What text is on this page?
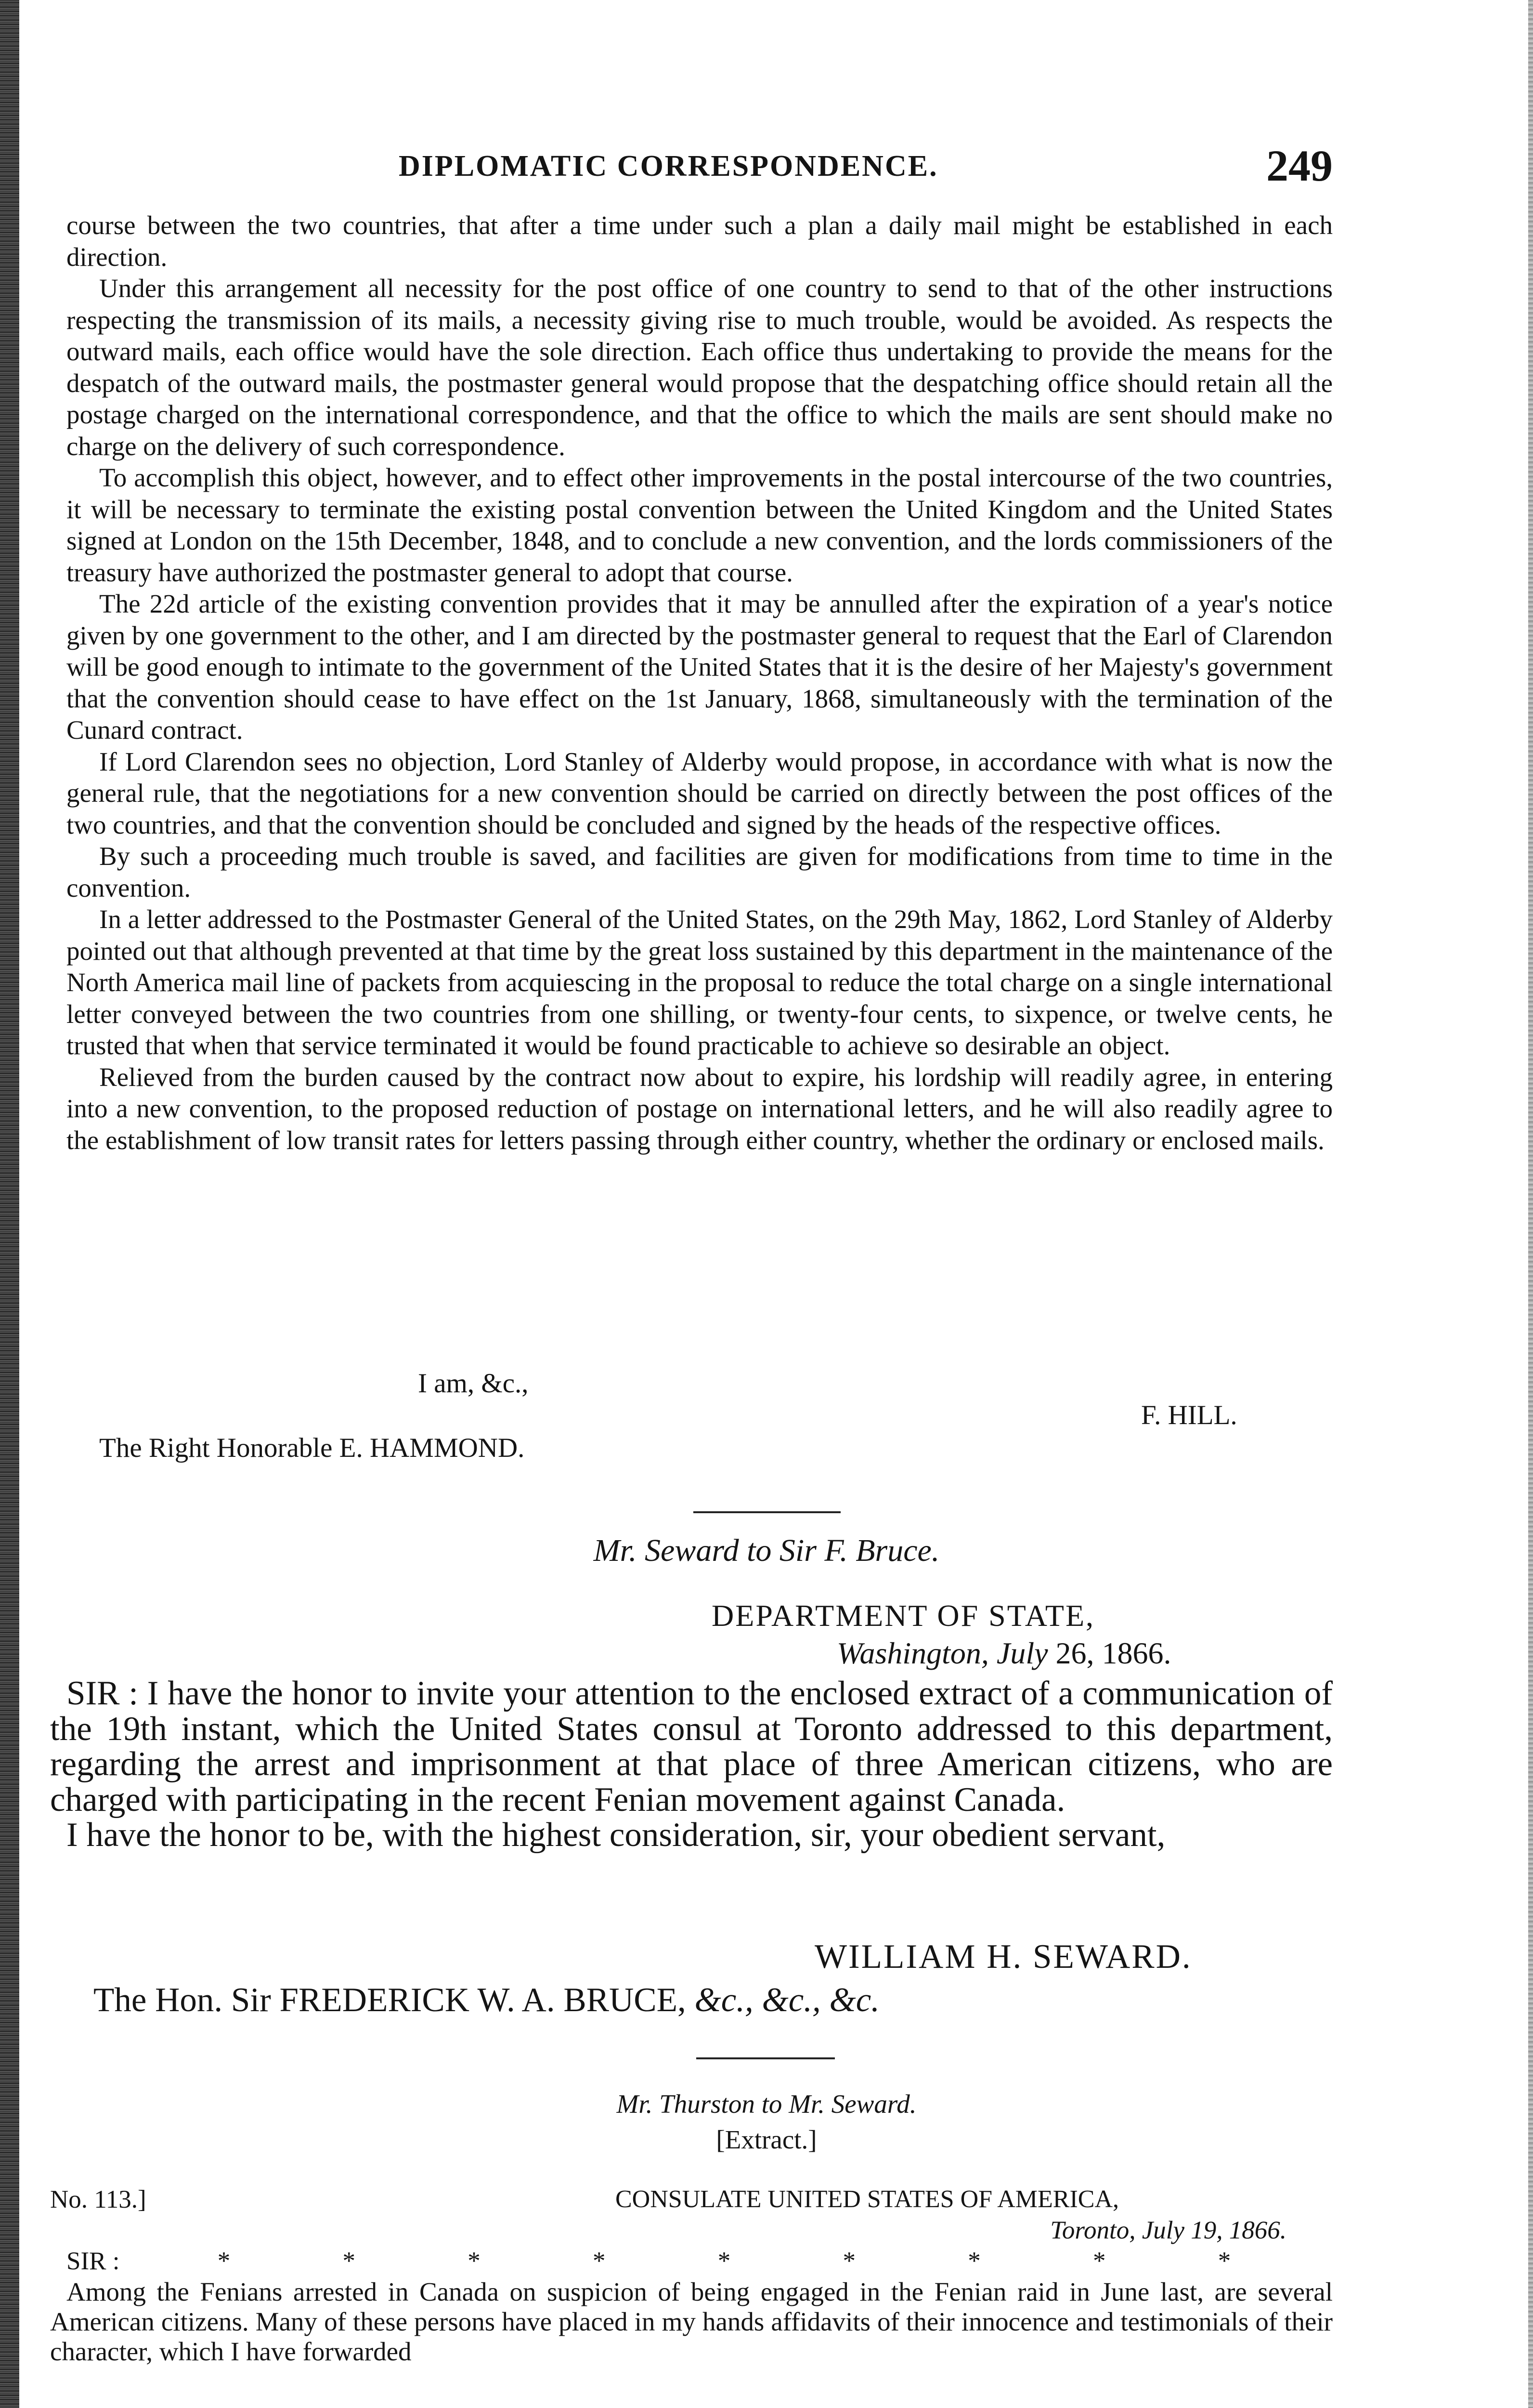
DIPLOMATIC CORRESPONDENCE.	249

course between the two countries, that after a time under such a plan a daily mail might be established in each direction.

Under this arrangement all necessity for the post office of one country to send to that of the other instructions respecting the transmission of its mails, a necessity giving rise to much trouble, would be avoided. As respects the outward mails, each office would have the sole direction. Each office thus undertaking to provide the means for the despatch of the outward mails, the postmaster general would propose that the despatching office should retain all the postage charged on the international correspondence, and that the office to which the mails are sent should make no charge on the delivery of such correspondence.

To accomplish this object, however, and to effect other improvements in the postal intercourse of the two countries, it will be necessary to terminate the existing postal convention between the United Kingdom and the United States signed at London on the 15th December, 1848, and to conclude a new convention, and the lords commissioners of the treasury have authorized the postmaster general to adopt that course.

The 22d article of the existing convention provides that it may be annulled after the expiration of a year's notice given by one government to the other, and I am directed by the postmaster general to request that the Earl of Clarendon will be good enough to intimate to the government of the United States that it is the desire of her Majesty's government that the convention should cease to have effect on the 1st January, 1868, simultaneously with the termination of the Cunard contract.

If Lord Clarendon sees no objection, Lord Stanley of Alderby would propose, in accordance with what is now the general rule, that the negotiations for a new convention should be carried on directly between the post offices of the two countries, and that the convention should be concluded and signed by the heads of the respective offices.

By such a proceeding much trouble is saved, and facilities are given for modifications from time to time in the convention.

In a letter addressed to the Postmaster General of the United States, on the 29th May, 1862, Lord Stanley of Alderby pointed out that although prevented at that time by the great loss sustained by this department in the maintenance of the North America mail line of packets from acquiescing in the proposal to reduce the total charge on a single international letter conveyed between the two countries from one shilling, or twenty-four cents, to sixpence, or twelve cents, he trusted that when that service terminated it would be found practicable to achieve so desirable an object.

Relieved from the burden caused by the contract now about to expire, his lordship will readily agree, in entering into a new convention, to the proposed reduction of postage on international letters, and he will also readily agree to the establishment of low transit rates for letters passing through either country, whether the ordinary or enclosed mails.

I am, &c.,
F. HILL.
The Right Honorable E. HAMMOND.
Mr. Seward to Sir F. Bruce.
DEPARTMENT OF STATE,
Washington, July 26, 1866.

SIR : I have the honor to invite your attention to the enclosed extract of a communication of the 19th instant, which the United States consul at Toronto addressed to this department, regarding the arrest and imprisonment at that place of three American citizens, who are charged with participating in the recent Fenian movement against Canada.

I have the honor to be, with the highest consideration, sir, your obedient servant,

WILLIAM H. SEWARD.
The Hon. Sir FREDERICK W. A. BRUCE, &c., &c., &c.
Mr. Thurston to Mr. Seward.
[Extract.]
No. 113.]	CONSULATE UNITED STATES OF AMERICA,
Toronto, July 19, 1866.
SIR :	* * * * * * * * *

Among the Fenians arrested in Canada on suspicion of being engaged in the Fenian raid in June last, are several American citizens. Many of these persons have placed in my hands affidavits of their innocence and testimonials of their character, which I have forwarded
